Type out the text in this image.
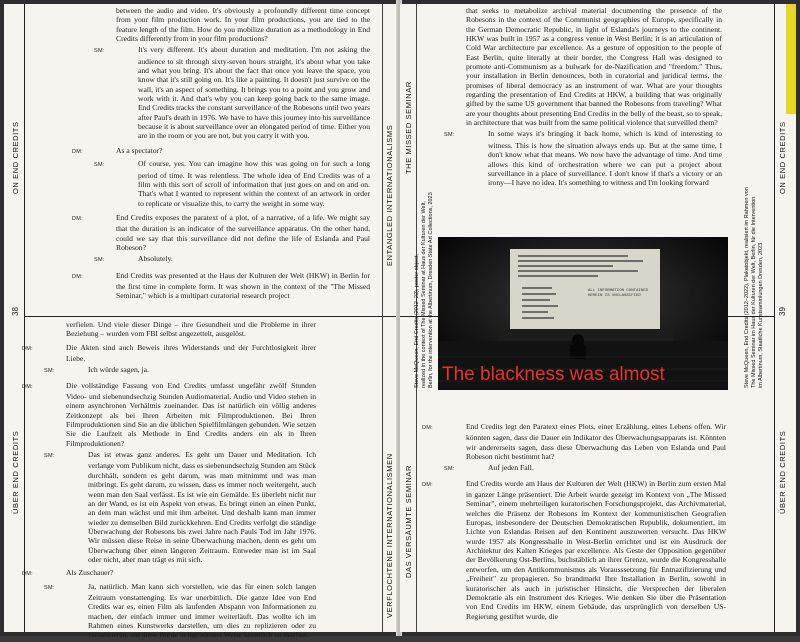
ON END CREDITS
38
ÜBER END CREDITS
ENTANGLED INTERNATIONALISMS
VERFLOCHTENE INTERNATIONALISMEN

between the audio and video. It's obviously a profoundly different time concept from your film production work. In your film productions, you are tied to the feature length of the film. How do you mobilize duration as a methodology in End Credits differently from in your film productions?

SM:	It's very different. It's about duration and meditation. I'm not asking the audience to sit through sixty-seven hours straight, it's about what you take and what you bring. It's about the fact that once you leave the space, you know that it's still going on. It's like a painting. It doesn't just survive on the wall, it's an aspect of something. It brings you to a point and you grow and work with it. And that's why you can keep going back to the same image. End Credits tracks the constant surveillance of the Robesons until two years after Paul's death in 1976. We have to have this journey into his surveillance because it is about surveillance over an elongated period of time. Either you are in the room or you are not, but you carry it with you.

DM:	As a spectator?

SM:	Of course, yes. You can imagine how this was going on for such a long period of time. It was relentless. The whole idea of End Credits was of a film with this sort of scroll of information that just goes on and on and on. That's what I wanted to represent within the context of an artwork in order to replicate or visualize this, to carry the weight in some way.

DM:	End Credits exposes the paratext of a plot, of a narrative, of a life. We might say that the duration is an indicator of the surveillance apparatus. On the other hand, could we say that this surveillance did not define the life of Eslanda and Paul Robeson?

SM:	Absolutely.

DM:	End Credits was presented at the Haus der Kulturen der Welt (HKW) in Berlin for the first time in complete form. It was shown in the context of the "The Missed Seminar," which is a multipart curatorial research project

verfielen. Und viele dieser Dinge – ihre Gesundheit und die Probleme in ihrer Beziehung – wurden vom FBI selbst angezettelt, ausgelöst.

DM:	Die Akten sind auch Beweis ihres Widerstands und der Furchtlosigkeit ihrer Liebe.

SM:	Ich würde sagen, ja.

DM:	Die vollständige Fassung von End Credits umfasst ungefähr zwölf Stunden Video- und siebenundsechzig Stunden Audiomaterial. Audio und Video stehen in einem asynchronen Verhältnis zueinander. Das ist natürlich ein völlig anderes Zeitkonzept als bei Ihren Arbeiten mit Filmproduktionen. Bei Ihren Filmproduktionen sind Sie an die üblichen Spielfilmlängen gebunden. Wie setzen Sie die Laufzeit als Methode in End Credits anders ein als in Ihren Filmproduktionen?

SM:	Das ist etwas ganz anderes. Es geht um Dauer und Meditation. Ich verlange vom Publikum nicht, dass es siebenundsechzig Stunden am Stück durchhält, sondern es geht darum, was man mitnimmt und was man mitbringt. Es geht darum, zu wissen, dass es immer noch weitergeht, auch wenn man den Saal verlässt. Es ist wie ein Gemälde. Es überlebt nicht nur an der Wand, es ist ein Aspekt von etwas. Es bringt einen an einen Punkt, an dem man wächst und mit ihm arbeitet. Und deshalb kann man immer wieder zu demselben Bild zurückkehren. End Credits verfolgt die ständige Überwachung der Robesons bis zwei Jahre nach Pauls Tod im Jahr 1976. Wir müssen diese Reise in seine Überwachung machen, denn es geht um Überwachung über einen längeren Zeitraum. Entweder man ist im Saal oder nicht, aber man trägt es mit sich.

DM:	Als Zuschauer?

SM:	Ja, natürlich. Man kann sich vorstellen, wie das für einen solch langen Zeitraum vonstattenging. Es war unerbittlich. Die ganze Idee von End Credits war es, einen Film als laufenden Abspann von Informationen zu machen, der einfach immer und immer weiterläuft. Das wollte ich im Rahmen eines Kunstwerks darstellen, um dies zu replizieren oder zu visualisieren, um diese Bürde in irgendeiner Weise kenntlich zu machen.

THE MISSED SEMINAR
DAS VERSÄUMTE SEMINAR
ON END CREDITS
39
ÜBER END CREDITS

that seeks to metabolize archival material documenting the presence of the Robesons in the context of the Communist geographies of Europe, specifically in the German Democratic Republic, in light of Eslanda's journeys to the continent. HKW was built in 1957 as a congress venue in West Berlin; it is an articulation of Cold War architecture par excellence. As a gesture of opposition to the people of East Berlin, quite literally at their border, the Congress Hall was designed to promote anti-Communism as a bulwark for de-Nazification and "freedom." Thus, your installation in Berlin denounces, both in curatorial and juridical terms, the promises of liberal democracy as an instrument of war. What are your thoughts regarding the presentation of End Credits at HKW, a building that was originally gifted by the same US government that banned the Robesons from traveling? What are your thoughts about presenting End Credits in the belly of the beast, so to speak, in architecture that was built from the same political violence that surveilled them?

SM:	In some ways it's bringing it back home, which is kind of interesting to witness. This is how the situation always ends up. But at the same time, I don't know what that means. We now have the advantage of time. And time allows this kind of orchestration where we can put a project about surveillance in a place of surveillance. I don't know if that's a victory or an irony—I have no idea. It's something to witness and I'm looking forward

ALL INFORMATION CONTAINED
HEREIN IS UNCLASSIFIED
The blackness was almost
Steve McQueen, End Credits (2012–22), poster object, realized in the context of The Missed Seminar at Haus der Kulturen der Welt, Berlin, for the intervention at the Albertinum, Dresden State Art Collections, 2023	Steve McQueen, End Credits (2012–2022), Plakatobjekt, realisiert im Rahmen von The Missed Seminar im Haus der Kulturen der Welt, Berlin, für die Intervention im Albertinum, Staatliche Kunstsammlungen Dresden, 2023

DM:	End Credits legt den Paratext eines Plots, einer Erzählung, eines Lebens offen. Wir könnten sagen, dass die Dauer ein Indikator des Überwachungsapparats ist. Könnten wir andererseits sagen, dass diese Überwachung das Leben von Eslanda und Paul Robeson nicht bestimmt hat?

SM:	Auf jeden Fall.

DM:	End Credits wurde am Haus der Kulturen der Welt (HKW) in Berlin zum ersten Mal in ganzer Länge präsentiert. Die Arbeit wurde gezeigt im Kontext von „The Missed Seminar", einem mehrteiligen kuratorischen Forschungsprojekt, das Archivmaterial, welches die Präsenz der Robesons im Kontext der kommunistischen Geografien Europas, insbesondere der Deutschen Demokratischen Republik, dokumentiert, im Lichte von Eslandas Reisen auf den Kontinent auszuwerten versucht. Das HKW wurde 1957 als Kongresshalle in West-Berlin errichtet und ist ein Ausdruck der Architektur des Kalten Krieges par excellence. Als Geste der Opposition gegenüber der Bevölkerung Ost-Berlins, buchstäblich an ihrer Grenze, wurde die Kongresshalle entworfen, um den Antikommunismus als Vorausssetzung für Entnazifizierung und „Freiheit" zu propagieren. So brandmarkt Ihre Installation in Berlin, sowohl in kuratorischer als auch in juristischer Hinsicht, die Versprechen der liberalen Demokratie als ein Instrument des Krieges. Wie denken Sie über die Präsentation von End Credits im HKW, einem Gebäude, das ursprünglich von derselben US-Regierung gestiftet wurde, die
